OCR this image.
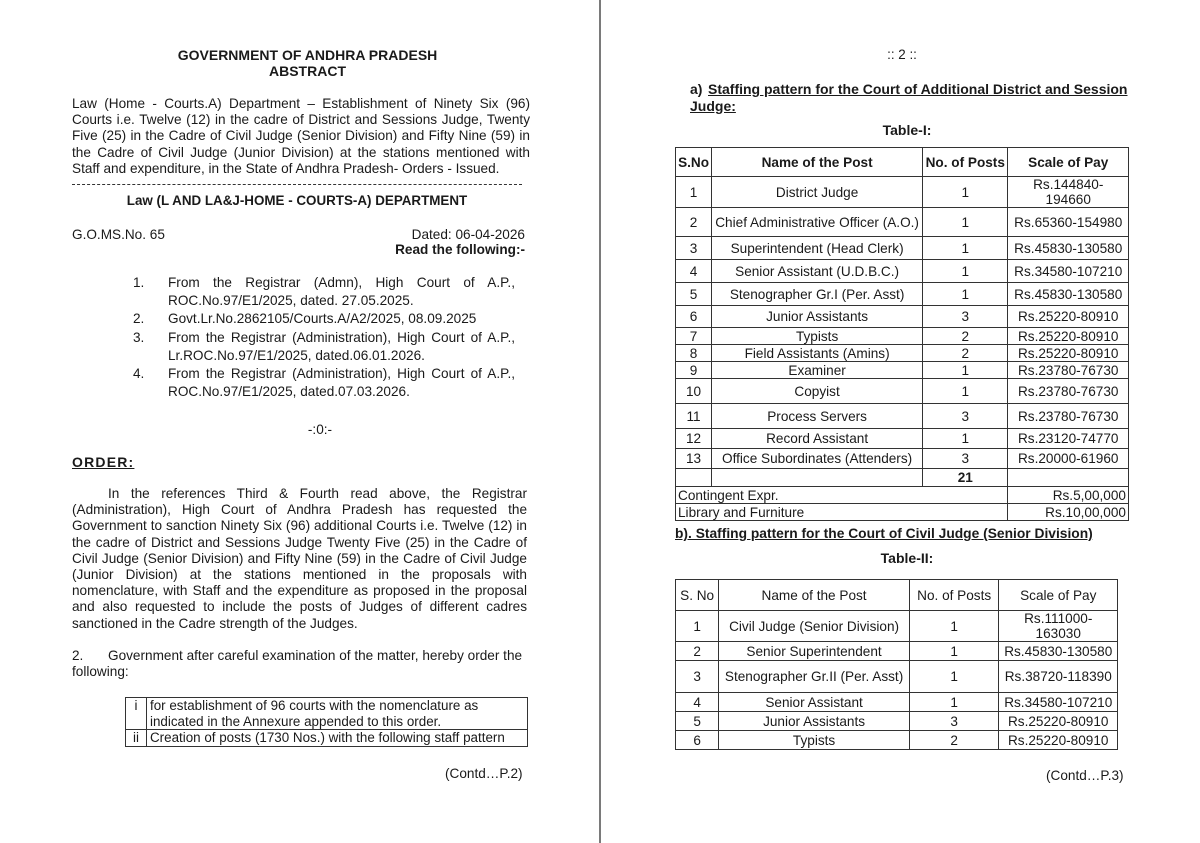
GOVERNMENT OF ANDHRA PRADESH
ABSTRACT
Law (Home - Courts.A) Department – Establishment of Ninety Six (96) Courts i.e. Twelve (12) in the cadre of District and Sessions Judge, Twenty Five (25) in the Cadre of Civil Judge (Senior Division) and Fifty Nine (59) in the Cadre of Civil Judge (Junior Division) at the stations mentioned with Staff and expenditure, in the State of Andhra Pradesh- Orders - Issued.
Law (L AND LA&J-HOME - COURTS-A) DEPARTMENT
G.O.MS.No. 65	Dated: 06-04-2026
Read the following:-
1.	From the Registrar (Admn), High Court of A.P., ROC.No.97/E1/2025, dated. 27.05.2025.
2.	Govt.Lr.No.2862105/Courts.A/A2/2025, 08.09.2025
3.	From the Registrar (Administration), High Court of A.P., Lr.ROC.No.97/E1/2025, dated.06.01.2026.
4.	From the Registrar (Administration), High Court of A.P., ROC.No.97/E1/2025, dated.07.03.2026.
-:0:-
ORDER:
In the references Third & Fourth read above, the Registrar (Administration), High Court of Andhra Pradesh has requested the Government to sanction Ninety Six (96) additional Courts i.e. Twelve (12) in the cadre of District and Sessions Judge Twenty Five (25) in the Cadre of Civil Judge (Senior Division) and Fifty Nine (59) in the Cadre of Civil Judge (Junior Division) at the stations mentioned in the proposals with nomenclature, with Staff and the expenditure as proposed in the proposal and also requested to include the posts of Judges of different cadres sanctioned in the Cadre strength of the Judges.
2. Government after careful examination of the matter, hereby order the following:
i	for establishment of 96 courts with the nomenclature as indicated in the Annexure appended to this order.
ii	Creation of posts (1730 Nos.) with the following staff pattern
(Contd…P.2)
:: 2 ::
a) Staffing pattern for the Court of Additional District and Session Judge:
Table-I:
S.No	Name of the Post	No. of Posts	Scale of Pay
1	District Judge	1	Rs.144840-194660
2	Chief Administrative Officer (A.O.)	1	Rs.65360-154980
3	Superintendent (Head Clerk)	1	Rs.45830-130580
4	Senior Assistant (U.D.B.C.)	1	Rs.34580-107210
5	Stenographer Gr.I (Per. Asst)	1	Rs.45830-130580
6	Junior Assistants	3	Rs.25220-80910
7	Typists	2	Rs.25220-80910
8	Field Assistants (Amins)	2	Rs.25220-80910
9	Examiner	1	Rs.23780-76730
10	Copyist	1	Rs.23780-76730
11	Process Servers	3	Rs.23780-76730
12	Record Assistant	1	Rs.23120-74770
13	Office Subordinates (Attenders)	3	Rs.20000-61960
		21	
Contingent Expr.			Rs.5,00,000
Library and Furniture			Rs.10,00,000
b). Staffing pattern for the Court of Civil Judge (Senior Division)
Table-II:
S. No	Name of the Post	No. of Posts	Scale of Pay
1	Civil Judge (Senior Division)	1	Rs.111000-163030
2	Senior Superintendent	1	Rs.45830-130580
3	Stenographer Gr.II (Per. Asst)	1	Rs.38720-118390
4	Senior Assistant	1	Rs.34580-107210
5	Junior Assistants	3	Rs.25220-80910
6	Typists	2	Rs.25220-80910
(Contd…P.3)
